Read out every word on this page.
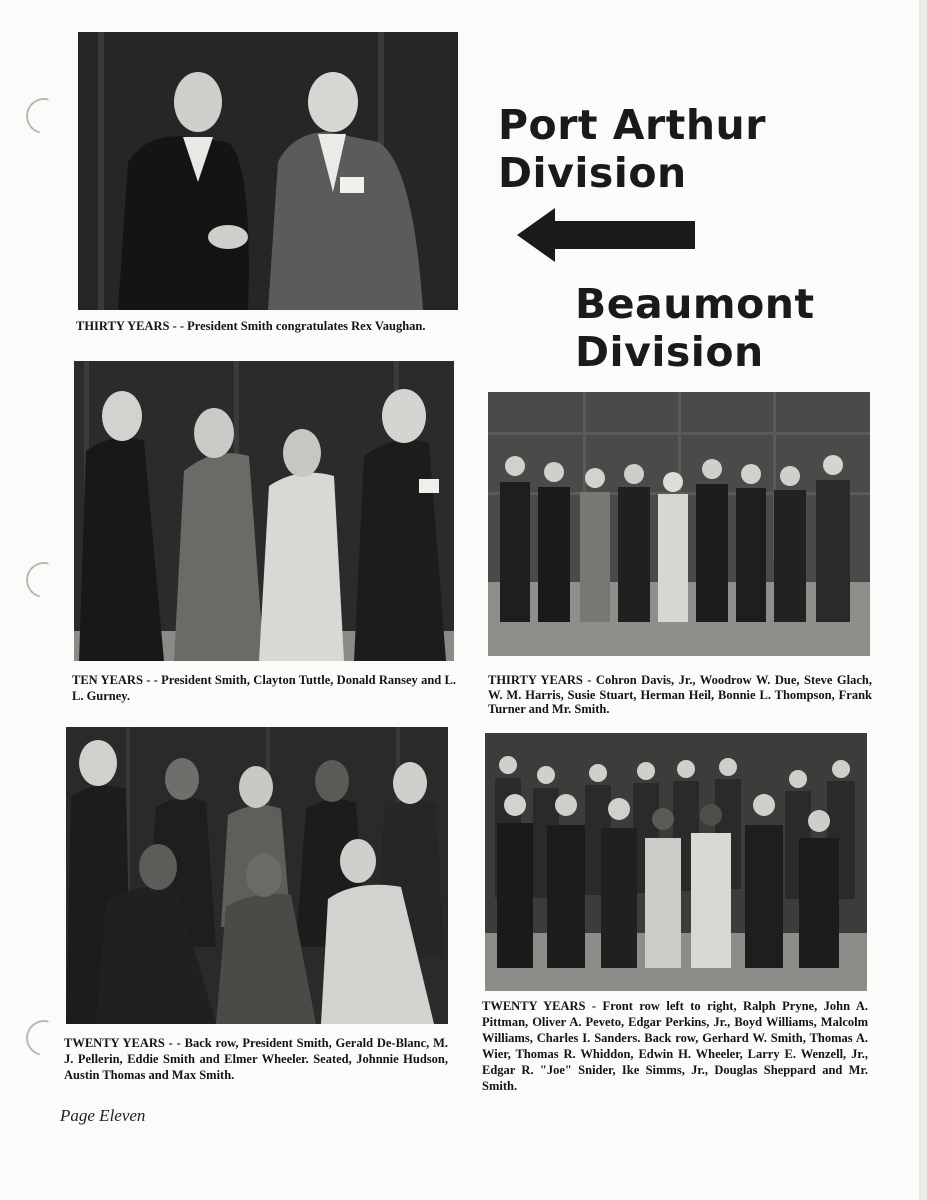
THIRTY YEARS - - President Smith congratulates Rex Vaughan.
Port Arthur
Division
Beaumont
Division
TEN YEARS - - President Smith, Clayton Tuttle, Donald Ransey and L. L. Gurney.
THIRTY YEARS - Cohron Davis, Jr., Woodrow W. Due, Steve Glach, W. M. Harris, Susie Stuart, Herman Heil, Bonnie L. Thompson, Frank Turner and Mr. Smith.
TWENTY YEARS - - Back row, President Smith, Gerald De-Blanc, M. J. Pellerin, Eddie Smith and Elmer Wheeler. Seated, Johnnie Hudson, Austin Thomas and Max Smith.
TWENTY YEARS - Front row left to right, Ralph Pryne, John A. Pittman, Oliver A. Peveto, Edgar Perkins, Jr., Boyd Williams, Malcolm Williams, Charles I. Sanders. Back row, Gerhard W. Smith, Thomas A. Wier, Thomas R. Whiddon, Edwin H. Wheeler, Larry E. Wenzell, Jr., Edgar R. "Joe" Snider, Ike Simms, Jr., Douglas Sheppard and Mr. Smith.
Page Eleven
